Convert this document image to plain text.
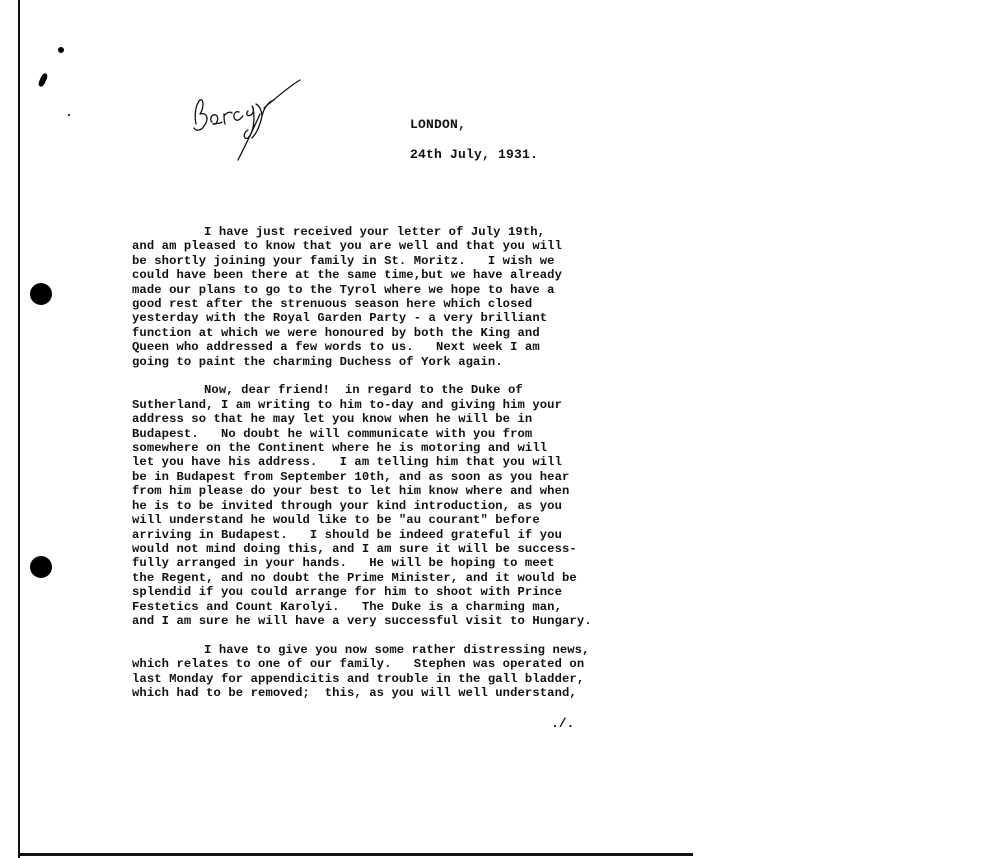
LONDON,
24th July, 1931.
I have just received your letter of July 19th,
and am pleased to know that you are well and that you will
be shortly joining your family in St. Moritz.   I wish we
could have been there at the same time,but we have already
made our plans to go to the Tyrol where we hope to have a
good rest after the strenuous season here which closed
yesterday with the Royal Garden Party - a very brilliant
function at which we were honoured by both the King and
Queen who addressed a few words to us.   Next week I am
going to paint the charming Duchess of York again.
Now, dear friend!  in regard to the Duke of
Sutherland, I am writing to him to-day and giving him your
address so that he may let you know when he will be in
Budapest.   No doubt he will communicate with you from
somewhere on the Continent where he is motoring and will
let you have his address.   I am telling him that you will
be in Budapest from September 10th, and as soon as you hear
from him please do your best to let him know where and when
he is to be invited through your kind introduction, as you
will understand he would like to be "au courant" before
arriving in Budapest.   I should be indeed grateful if you
would not mind doing this, and I am sure it will be success-
fully arranged in your hands.   He will be hoping to meet
the Regent, and no doubt the Prime Minister, and it would be
splendid if you could arrange for him to shoot with Prince
Festetics and Count Karolyi.   The Duke is a charming man,
and I am sure he will have a very successful visit to Hungary.
I have to give you now some rather distressing news,
which relates to one of our family.   Stephen was operated on
last Monday for appendicitis and trouble in the gall bladder,
which had to be removed;  this, as you will well understand,
./.
